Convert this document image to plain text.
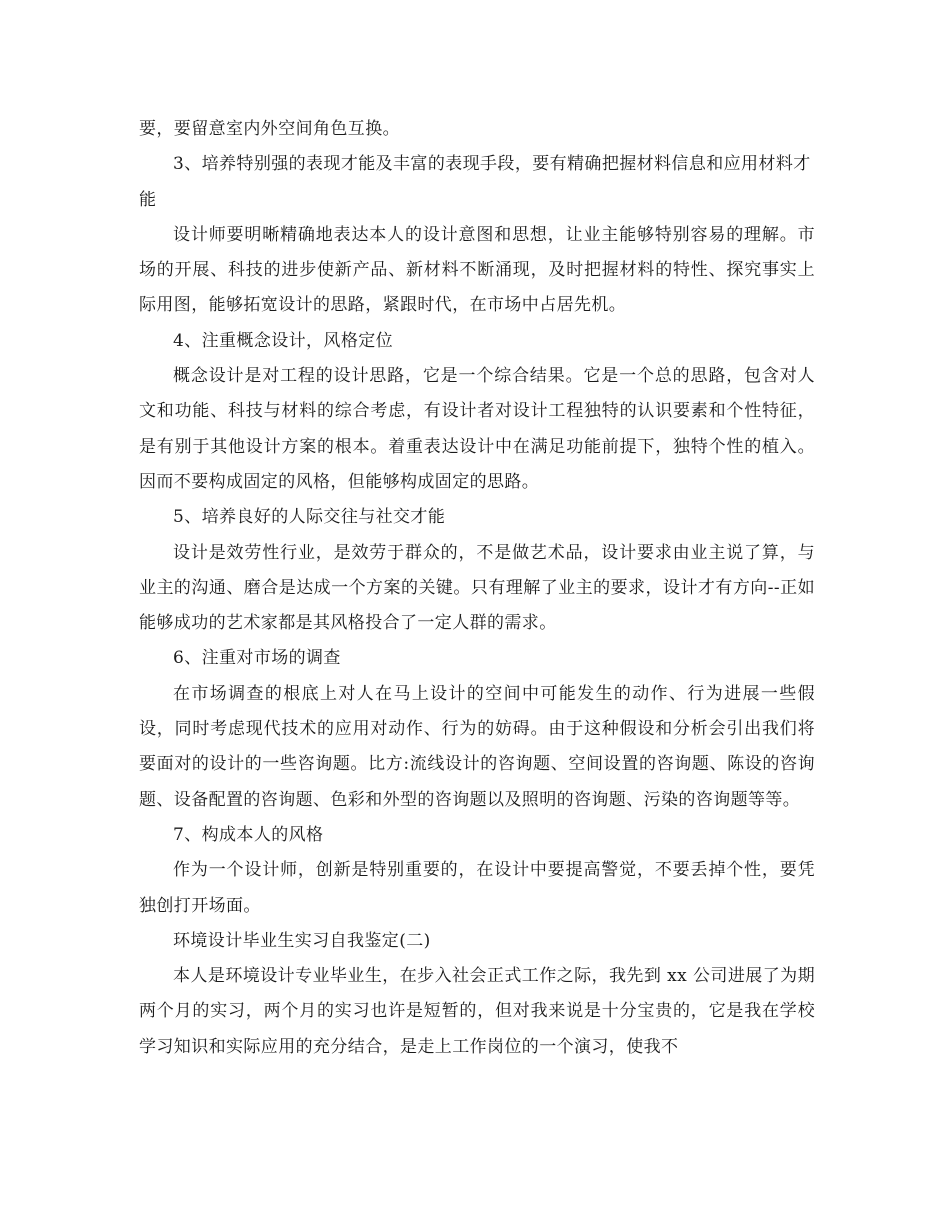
要，要留意室内外空间角色互换。

3、培养特别强的表现才能及丰富的表现手段，要有精确把握材料信息和应用材料才能

设计师要明晰精确地表达本人的设计意图和思想，让业主能够特别容易的理解。市场的开展、科技的进步使新产品、新材料不断涌现，及时把握材料的特性、探究事实上际用图，能够拓宽设计的思路，紧跟时代，在市场中占居先机。

4、注重概念设计，风格定位

概念设计是对工程的设计思路，它是一个综合结果。它是一个总的思路，包含对人文和功能、科技与材料的综合考虑，有设计者对设计工程独特的认识要素和个性特征，是有别于其他设计方案的根本。着重表达设计中在满足功能前提下，独特个性的植入。因而不要构成固定的风格，但能够构成固定的思路。

5、培养良好的人际交往与社交才能

设计是效劳性行业，是效劳于群众的，不是做艺术品，设计要求由业主说了算，与业主的沟通、磨合是达成一个方案的关键。只有理解了业主的要求，设计才有方向--正如能够成功的艺术家都是其风格投合了一定人群的需求。

6、注重对市场的调查

在市场调查的根底上对人在马上设计的空间中可能发生的动作、行为进展一些假设，同时考虑现代技术的应用对动作、行为的妨碍。由于这种假设和分析会引出我们将要面对的设计的一些咨询题。比方:流线设计的咨询题、空间设置的咨询题、陈设的咨询题、设备配置的咨询题、色彩和外型的咨询题以及照明的咨询题、污染的咨询题等等。

7、构成本人的风格

作为一个设计师，创新是特别重要的，在设计中要提高警觉，不要丢掉个性，要凭独创打开场面。

环境设计毕业生实习自我鉴定(二)

本人是环境设计专业毕业生，在步入社会正式工作之际，我先到 xx 公司进展了为期两个月的实习，两个月的实习也许是短暂的，但对我来说是十分宝贵的，它是我在学校学习知识和实际应用的充分结合，是走上工作岗位的一个演习，使我不
